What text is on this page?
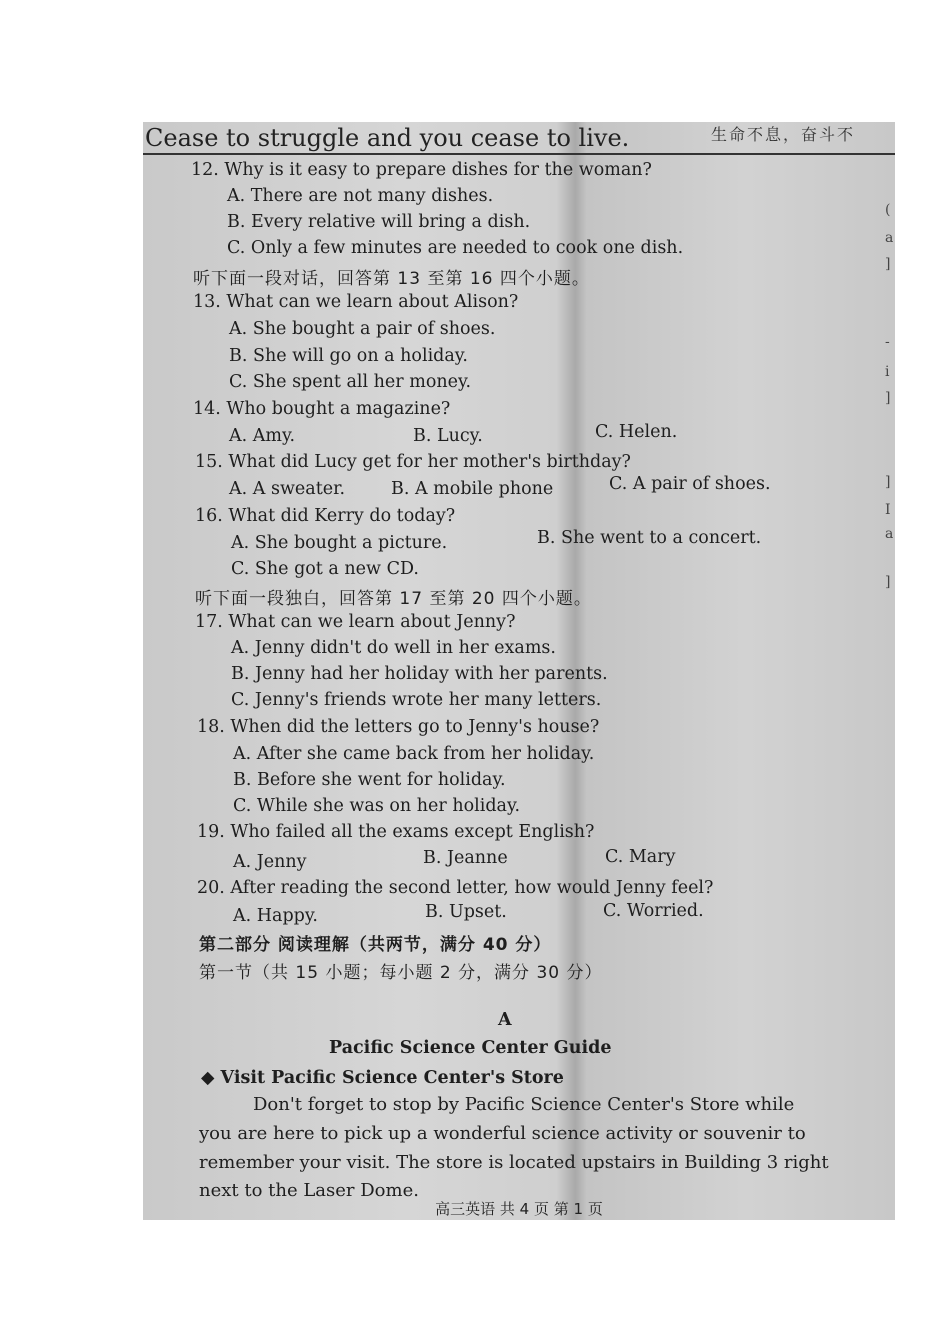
Cease to struggle and you cease to live.	生命不息，奋斗不
12. Why is it easy to prepare dishes for the woman?
A. There are not many dishes.
B. Every relative will bring a dish.
C. Only a few minutes are needed to cook one dish.
听下面一段对话，回答第 13 至第 16 四个小题。
13. What can we learn about Alison?
A. She bought a pair of shoes.
B. She will go on a holiday.
C. She spent all her money.
14. Who bought a magazine?
A. Amy.	B. Lucy.	C. Helen.
15. What did Lucy get for her mother's birthday?
A. A sweater.	B. A mobile phone	C. A pair of shoes.
16. What did Kerry do today?
A. She bought a picture.	B. She went to a concert.
C. She got a new CD.
听下面一段独白，回答第 17 至第 20 四个小题。
17. What can we learn about Jenny?
A. Jenny didn't do well in her exams.
B. Jenny had her holiday with her parents.
C. Jenny's friends wrote her many letters.
18. When did the letters go to Jenny's house?
A. After she came back from her holiday.
B. Before she went for holiday.
C. While she was on her holiday.
19. Who failed all the exams except English?
A. Jenny	B. Jeanne	C. Mary
20. After reading the second letter, how would Jenny feel?
A. Happy.	B. Upset.	C. Worried.
第二部分 阅读理解（共两节，满分 40 分）
第一节（共 15 小题；每小题 2 分，满分 30 分）
A
Pacific Science Center Guide
◆ Visit Pacific Science Center's Store
Don't forget to stop by Pacific Science Center's Store while
you are here to pick up a wonderful science activity or souvenir to
remember your visit. The store is located upstairs in Building 3 right
next to the Laser Dome.
(
a
]
-
i
]
]
I
a
]
高三英语 共 4 页 第 1 页
